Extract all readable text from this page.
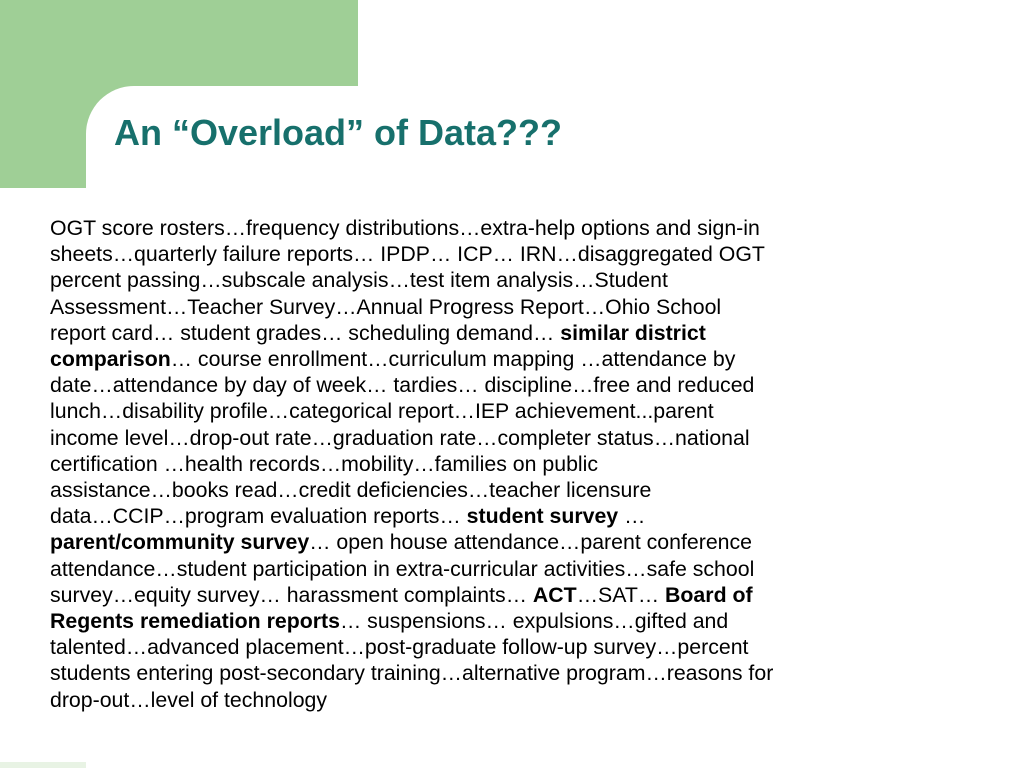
An “Overload” of Data???
OGT score rosters…frequency distributions…extra-help options and sign-in
sheets…quarterly failure reports… IPDP… ICP… IRN…disaggregated OGT
percent passing…subscale analysis…test item analysis…Student
Assessment…Teacher Survey…Annual Progress Report…Ohio School
report card… student grades… scheduling demand… similar district
comparison… course enrollment…curriculum mapping …attendance by
date…attendance by day of week… tardies… discipline…free and reduced
lunch…disability profile…categorical report…IEP achievement...parent
income level…drop-out rate…graduation rate…completer status…national
certification …health records…mobility…families on public
assistance…books read…credit deficiencies…teacher licensure
data…CCIP…program evaluation reports… student survey …
parent/community survey… open house attendance…parent conference
attendance…student participation in extra-curricular activities…safe school
survey…equity survey… harassment complaints… ACT…SAT… Board of
Regents remediation reports… suspensions… expulsions…gifted and
talented…advanced placement…post-graduate follow-up survey…percent
students entering post-secondary training…alternative program…reasons for
drop-out…level of technology
